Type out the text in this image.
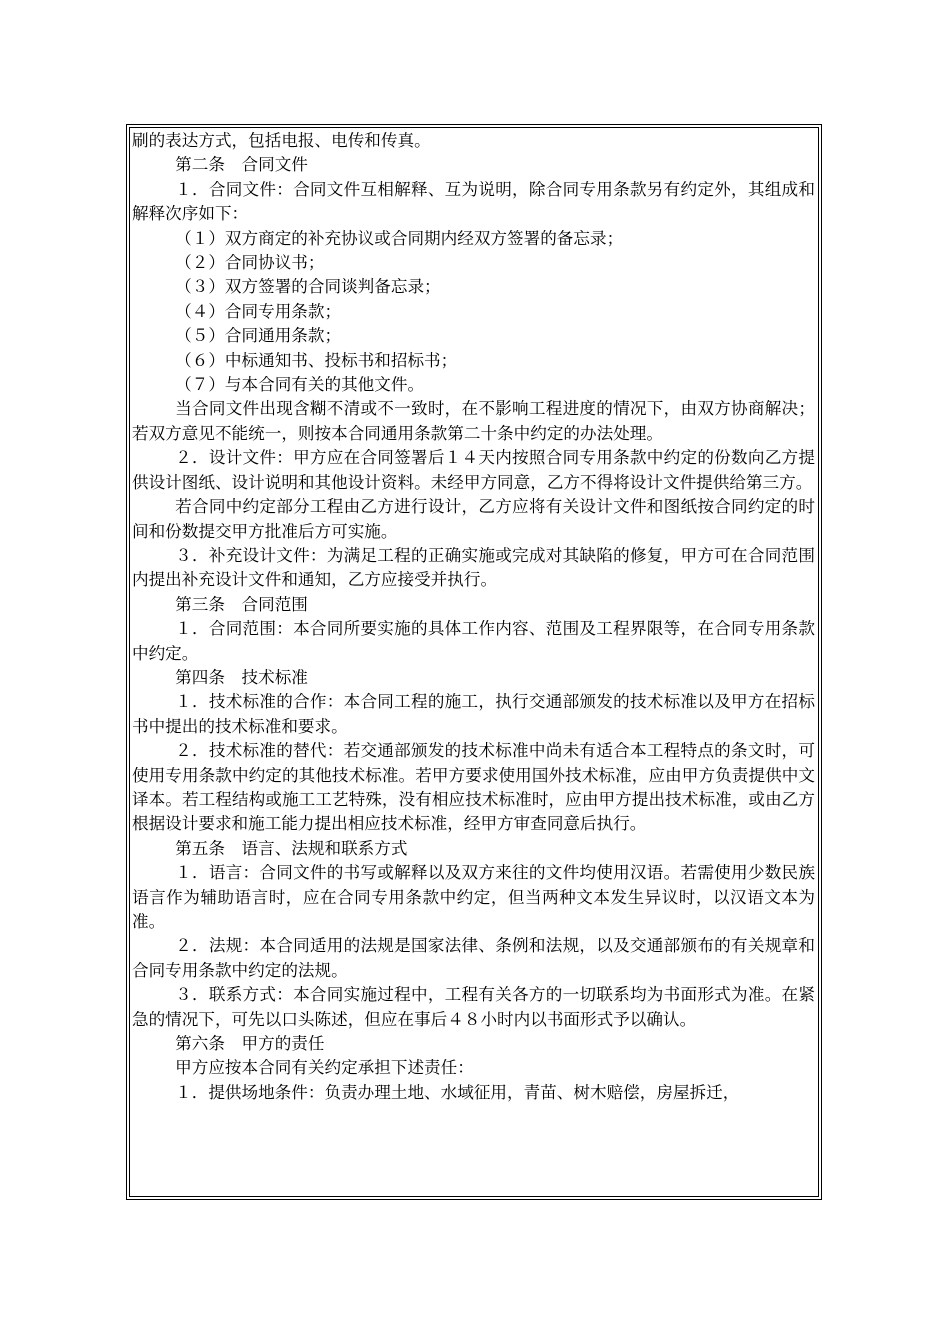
刷的表达方式，包括电报、电传和传真。

第二条　合同文件

１．合同文件：合同文件互相解释、互为说明，除合同专用条款另有约定外，其组成和解释次序如下：

（１）双方商定的补充协议或合同期内经双方签署的备忘录；

（２）合同协议书；

（３）双方签署的合同谈判备忘录；

（４）合同专用条款；

（５）合同通用条款；

（６）中标通知书、投标书和招标书；

（７）与本合同有关的其他文件。

当合同文件出现含糊不清或不一致时，在不影响工程进度的情况下，由双方协商解决；若双方意见不能统一，则按本合同通用条款第二十条中约定的办法处理。

２．设计文件：甲方应在合同签署后１４天内按照合同专用条款中约定的份数向乙方提供设计图纸、设计说明和其他设计资料。未经甲方同意，乙方不得将设计文件提供给第三方。

若合同中约定部分工程由乙方进行设计，乙方应将有关设计文件和图纸按合同约定的时间和份数提交甲方批准后方可实施。

３．补充设计文件：为满足工程的正确实施或完成对其缺陷的修复，甲方可在合同范围内提出补充设计文件和通知，乙方应接受并执行。

第三条　合同范围

１．合同范围：本合同所要实施的具体工作内容、范围及工程界限等，在合同专用条款中约定。

第四条　技术标准

１．技术标准的合作：本合同工程的施工，执行交通部颁发的技术标准以及甲方在招标书中提出的技术标准和要求。

２．技术标准的替代：若交通部颁发的技术标准中尚未有适合本工程特点的条文时，可使用专用条款中约定的其他技术标准。若甲方要求使用国外技术标准，应由甲方负责提供中文译本。若工程结构或施工工艺特殊，没有相应技术标准时，应由甲方提出技术标准，或由乙方根据设计要求和施工能力提出相应技术标准，经甲方审查同意后执行。

第五条　语言、法规和联系方式

１．语言：合同文件的书写或解释以及双方来往的文件均使用汉语。若需使用少数民族语言作为辅助语言时，应在合同专用条款中约定，但当两种文本发生异议时，以汉语文本为准。

２．法规：本合同适用的法规是国家法律、条例和法规，以及交通部颁布的有关规章和合同专用条款中约定的法规。

３．联系方式：本合同实施过程中，工程有关各方的一切联系均为书面形式为准。在紧急的情况下，可先以口头陈述，但应在事后４８小时内以书面形式予以确认。

第六条　甲方的责任

甲方应按本合同有关约定承担下述责任：

１．提供场地条件：负责办理土地、水域征用，青苗、树木赔偿，房屋拆迁，
